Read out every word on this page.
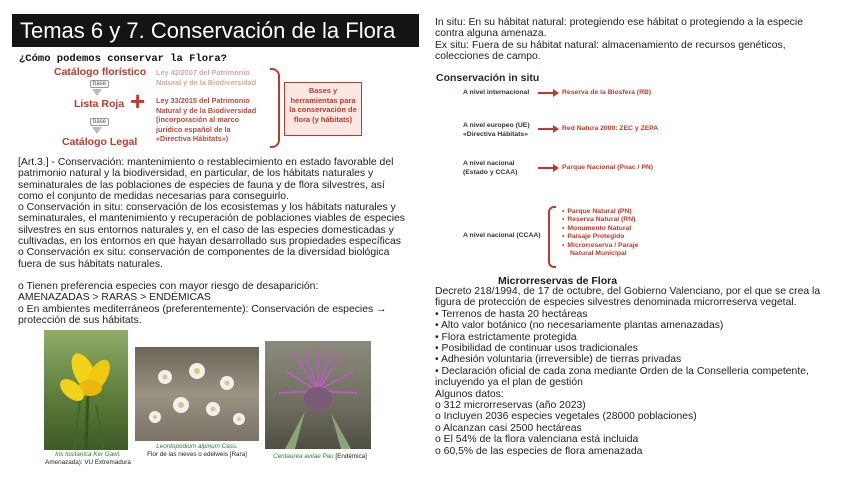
Temas 6 y 7. Conservación de la Flora
¿Cómo podemos conservar la Flora?
Catálogo florístico
base
Lista Roja
base
Catálogo Legal
+
Ley 42/2007 del Patrimonio Natural y de la Biodiversidad
Ley 33/2015 del Patrimonio
Natural y de la Biodiversidad
(incorporación al marco
jurídico español de la
«Directiva Hábitats»)
Bases y
herramientas para
la conservación de
flora (y hábitats)

[Art.3.] - Conservación: mantenimiento o restablecimiento en estado favorable del

patrimonio natural y la biodiversidad, en particular, de los hábitats naturales y

seminaturales de las poblaciones de especies de fauna y de flora silvestres, así

como el conjunto de medidas necesarias para conseguirlo.

o Conservación in situ: conservación de los ecosistemas y los hábitats naturales y

seminaturales, el mantenimiento y recuperación de poblaciones viables de especies

silvestres en sus entornos naturales y, en el caso de las especies domesticadas y

cultivadas, en los entornos en que hayan desarrollado sus propiedades específicas

o Conservación ex situ: conservación de componentes de la diversidad biológica

fuera de sus hábitats naturales.

o Tienen preferencia especies con mayor riesgo de desaparición:

AMENAZADAS > RARAS > ENDÉMICAS

o En ambientes mediterráneos (preferentemente): Conservación de especies →

protección de sus hábitats.

Iris lusitanica Ker Gawl.
Amenazada): VU Extremadura
Leontopodium alpinum Cass.
Flor de las nieves o edelweis [Rara]	Centaurea avilae Pau [Endémica]

In situ: En su hábitat natural: protegiendo ese hábitat o protegiendo a la especie

contra alguna amenaza.

Ex situ: Fuera de su hábitat natural: almacenamiento de recursos genéticos,

colecciones de campo.

Conservación in situ
A nivel internacional	Reserva de la Biosfera (RB)
A nivel europeo (UE)
«Directiva Hábitats»
Red Natura 2000: ZEC y ZEPA
A nivel nacional
(Estado y CCAA)
Parque Nacional (Pnac / PN)
A nivel nacional (CCAA)
• Parque Natural (PN)
• Reserva Natural (RN)
• Monumento Natural
• Paisaje Protegido
• Microrreserva / Paraje
Natural Municipal
Microrreservas de Flora

Decreto 218/1994, de 17 de octubre, del Gobierno Valenciano, por el que se crea la

figura de protección de especies silvestres denominada microrreserva vegetal.

• Terrenos de hasta 20 hectáreas

• Alto valor botánico (no necesariamente plantas amenazadas)

• Flora estrictamente protegida

• Posibilidad de continuar usos tradicionales

• Adhesión voluntaria (irreversible) de tierras privadas

• Declaración oficial de cada zona mediante Orden de la Conselleria competente,

incluyendo ya el plan de gestión

Algunos datos:

o 312 microrreservas (año 2023)

o Incluyen 2036 especies vegetales (28000 poblaciones)

o Alcanzan casi 2500 hectáreas

o El 54% de la flora valenciana está incluida

o 60,5% de las especies de flora amenazada
